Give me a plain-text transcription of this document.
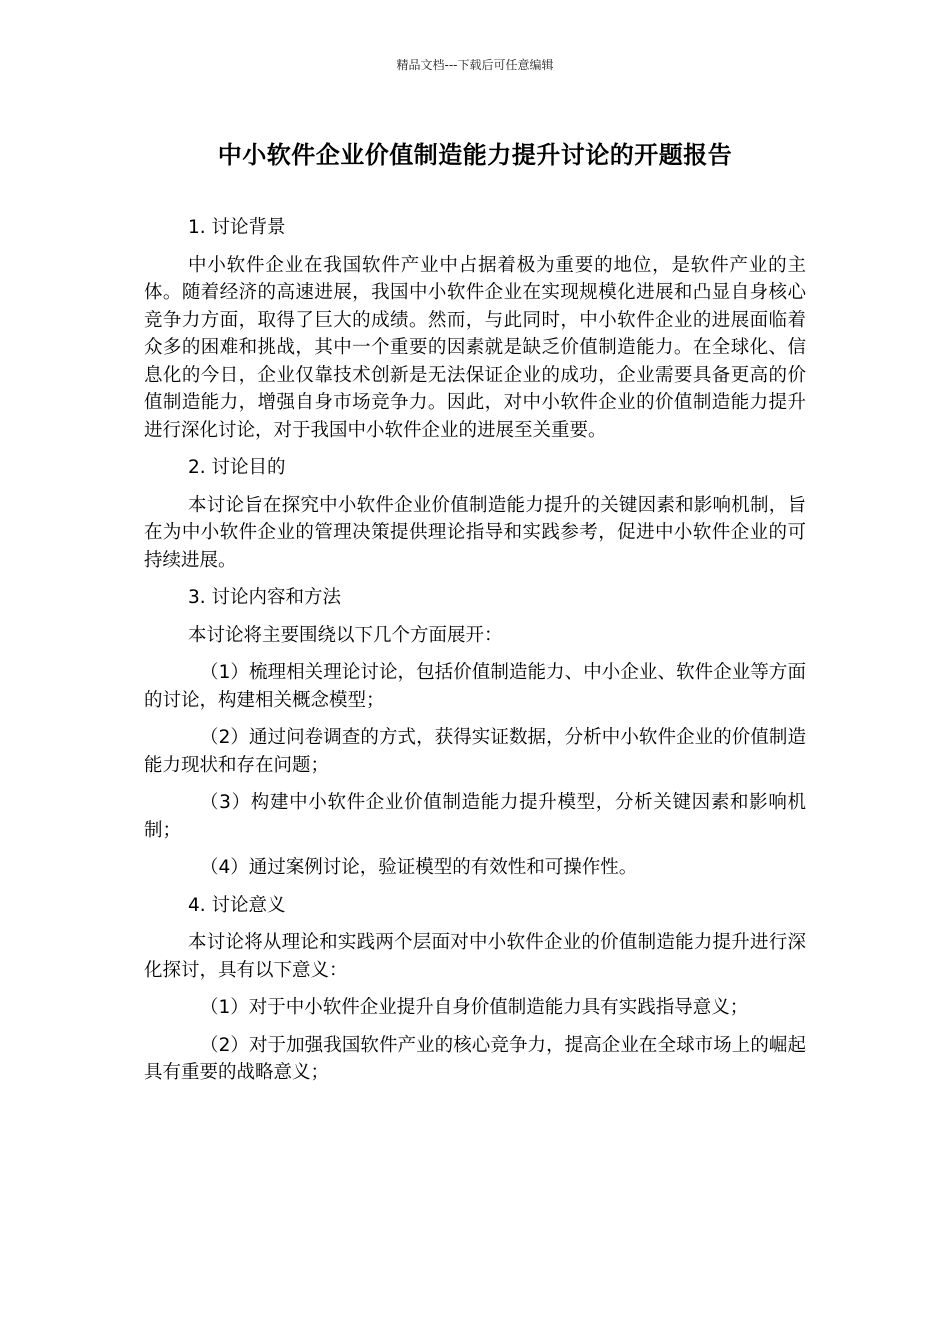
精品文档---下载后可任意编辑
中小软件企业价值制造能力提升讨论的开题报告

1. 讨论背景

中小软件企业在我国软件产业中占据着极为重要的地位，是软件产业的主体。随着经济的高速进展，我国中小软件企业在实现规模化进展和凸显自身核心竞争力方面，取得了巨大的成绩。然而，与此同时，中小软件企业的进展面临着众多的困难和挑战，其中一个重要的因素就是缺乏价值制造能力。在全球化、信息化的今日，企业仅靠技术创新是无法保证企业的成功，企业需要具备更高的价值制造能力，增强自身市场竞争力。因此，对中小软件企业的价值制造能力提升进行深化讨论，对于我国中小软件企业的进展至关重要。

2. 讨论目的

本讨论旨在探究中小软件企业价值制造能力提升的关键因素和影响机制，旨在为中小软件企业的管理决策提供理论指导和实践参考，促进中小软件企业的可持续进展。

3. 讨论内容和方法

本讨论将主要围绕以下几个方面展开：

（1）梳理相关理论讨论，包括价值制造能力、中小企业、软件企业等方面的讨论，构建相关概念模型；

（2）通过问卷调查的方式，获得实证数据，分析中小软件企业的价值制造能力现状和存在问题；

（3）构建中小软件企业价值制造能力提升模型，分析关键因素和影响机制；

（4）通过案例讨论，验证模型的有效性和可操作性。

4. 讨论意义

本讨论将从理论和实践两个层面对中小软件企业的价值制造能力提升进行深化探讨，具有以下意义：

（1）对于中小软件企业提升自身价值制造能力具有实践指导意义；

（2）对于加强我国软件产业的核心竞争力，提高企业在全球市场上的崛起具有重要的战略意义；
